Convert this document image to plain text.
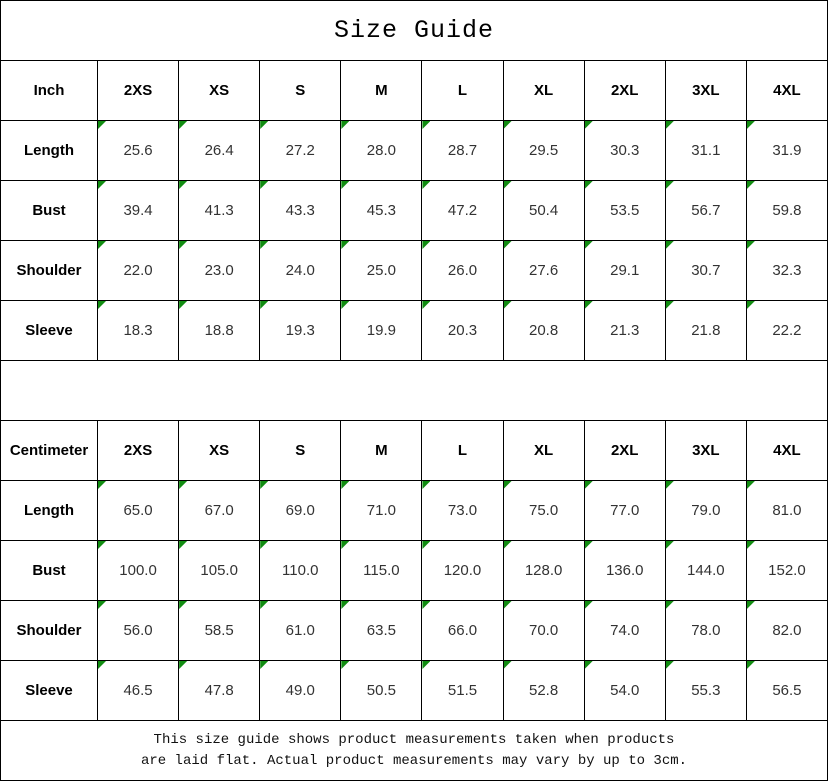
Size Guide									
Inch	2XS	XS	S	M	L	XL	2XL	3XL	4XL
Length	25.6	26.4	27.2	28.0	28.7	29.5	30.3	31.1	31.9
Bust	39.4	41.3	43.3	45.3	47.2	50.4	53.5	56.7	59.8
Shoulder	22.0	23.0	24.0	25.0	26.0	27.6	29.1	30.7	32.3
Sleeve	18.3	18.8	19.3	19.9	20.3	20.8	21.3	21.8	22.2

Centimeter	2XS	XS	S	M	L	XL	2XL	3XL	4XL
Length	65.0	67.0	69.0	71.0	73.0	75.0	77.0	79.0	81.0
Bust	100.0	105.0	110.0	115.0	120.0	128.0	136.0	144.0	152.0
Shoulder	56.0	58.5	61.0	63.5	66.0	70.0	74.0	78.0	82.0
Sleeve	46.5	47.8	49.0	50.5	51.5	52.8	54.0	55.3	56.5

This size guide shows product measurements taken when products
are laid flat. Actual product measurements may vary by up to 3cm.									
